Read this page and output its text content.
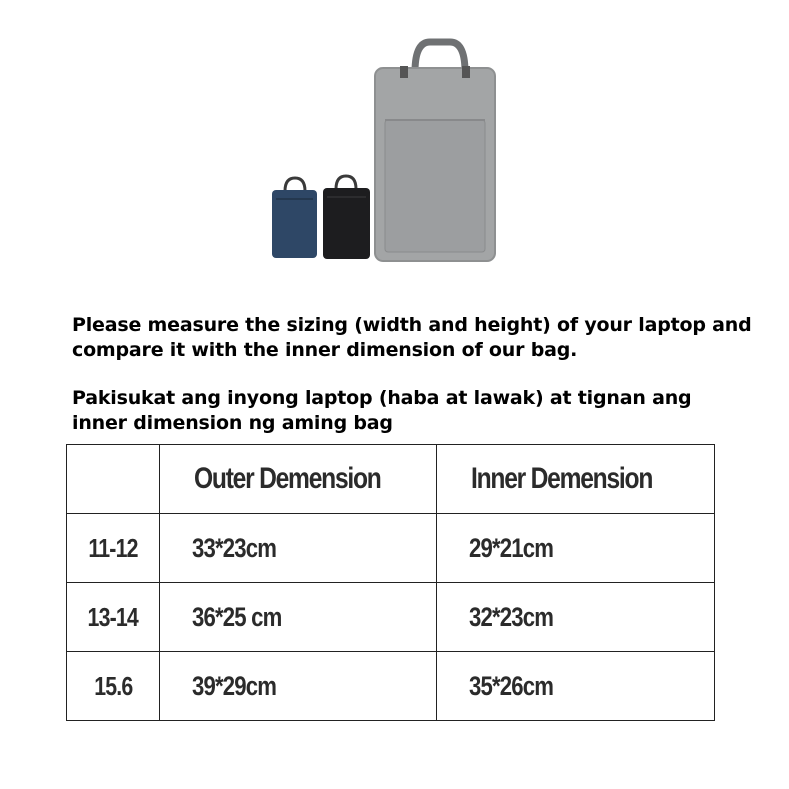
Please measure the sizing (width and height) of your laptop and compare it with the inner dimension of our bag.
Pakisukat ang inyong laptop (haba at lawak) at tignan ang inner dimension ng aming bag
	Outer Demension	Inner Demension
11-12	33*23cm	29*21cm
13-14	36*25 cm	32*23cm
15.6	39*29cm	35*26cm
